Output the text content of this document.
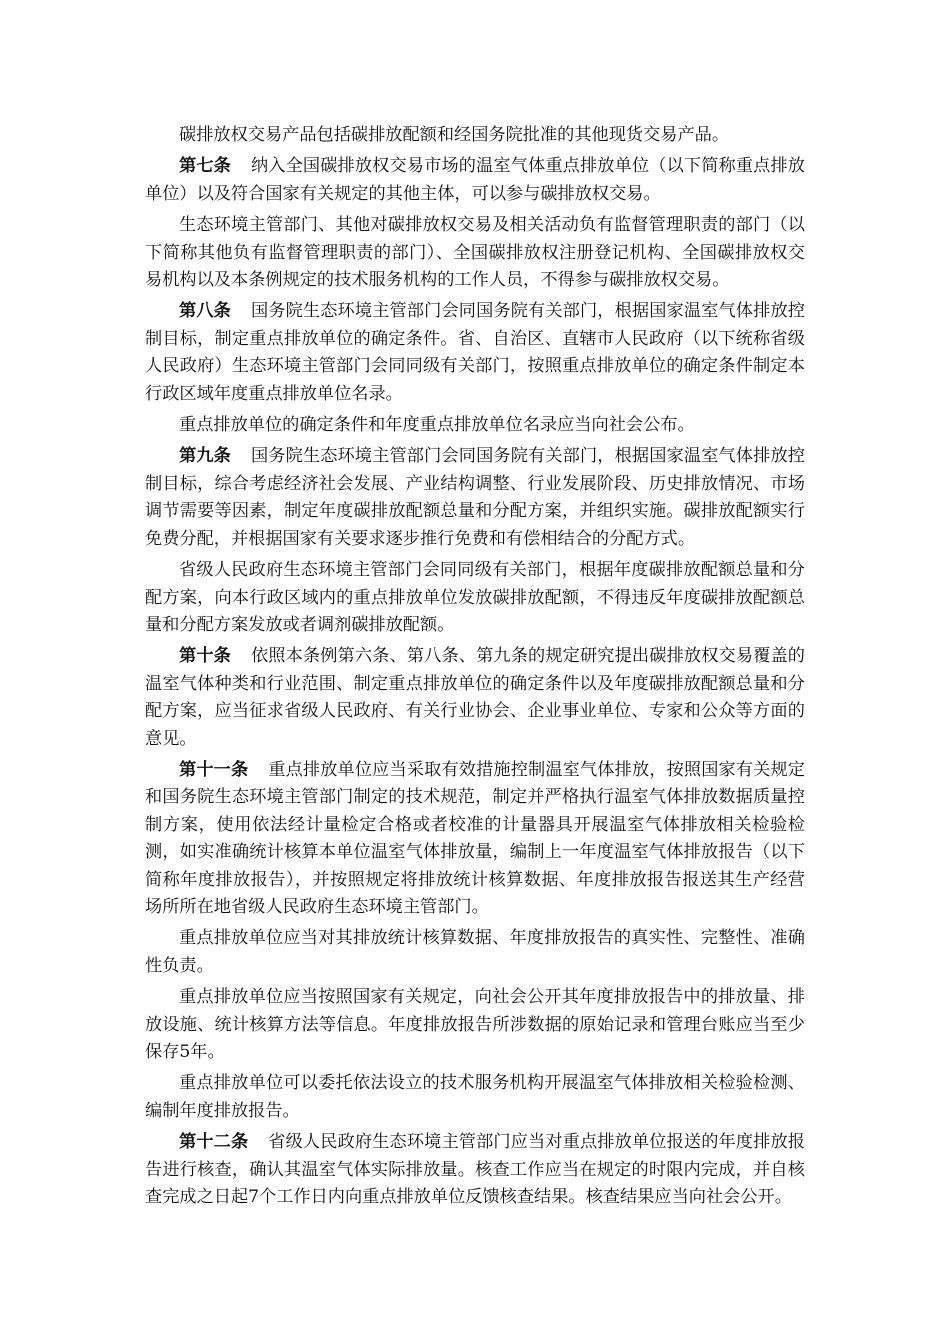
碳排放权交易产品包括碳排放配额和经国务院批准的其他现货交易产品。

第七条 纳入全国碳排放权交易市场的温室气体重点排放单位（以下简称重点排放单位）以及符合国家有关规定的其他主体，可以参与碳排放权交易。

生态环境主管部门、其他对碳排放权交易及相关活动负有监督管理职责的部门（以下简称其他负有监督管理职责的部门）、全国碳排放权注册登记机构、全国碳排放权交易机构以及本条例规定的技术服务机构的工作人员，不得参与碳排放权交易。

第八条 国务院生态环境主管部门会同国务院有关部门，根据国家温室气体排放控制目标，制定重点排放单位的确定条件。省、自治区、直辖市人民政府（以下统称省级人民政府）生态环境主管部门会同同级有关部门，按照重点排放单位的确定条件制定本行政区域年度重点排放单位名录。

重点排放单位的确定条件和年度重点排放单位名录应当向社会公布。

第九条 国务院生态环境主管部门会同国务院有关部门，根据国家温室气体排放控制目标，综合考虑经济社会发展、产业结构调整、行业发展阶段、历史排放情况、市场调节需要等因素，制定年度碳排放配额总量和分配方案，并组织实施。碳排放配额实行免费分配，并根据国家有关要求逐步推行免费和有偿相结合的分配方式。

省级人民政府生态环境主管部门会同同级有关部门，根据年度碳排放配额总量和分配方案，向本行政区域内的重点排放单位发放碳排放配额，不得违反年度碳排放配额总量和分配方案发放或者调剂碳排放配额。

第十条 依照本条例第六条、第八条、第九条的规定研究提出碳排放权交易覆盖的温室气体种类和行业范围、制定重点排放单位的确定条件以及年度碳排放配额总量和分配方案，应当征求省级人民政府、有关行业协会、企业事业单位、专家和公众等方面的意见。

第十一条 重点排放单位应当采取有效措施控制温室气体排放，按照国家有关规定和国务院生态环境主管部门制定的技术规范，制定并严格执行温室气体排放数据质量控制方案，使用依法经计量检定合格或者校准的计量器具开展温室气体排放相关检验检测，如实准确统计核算本单位温室气体排放量，编制上一年度温室气体排放报告（以下简称年度排放报告），并按照规定将排放统计核算数据、年度排放报告报送其生产经营场所所在地省级人民政府生态环境主管部门。

重点排放单位应当对其排放统计核算数据、年度排放报告的真实性、完整性、准确性负责。

重点排放单位应当按照国家有关规定，向社会公开其年度排放报告中的排放量、排放设施、统计核算方法等信息。年度排放报告所涉数据的原始记录和管理台账应当至少保存5年。

重点排放单位可以委托依法设立的技术服务机构开展温室气体排放相关检验检测、编制年度排放报告。

第十二条 省级人民政府生态环境主管部门应当对重点排放单位报送的年度排放报告进行核查，确认其温室气体实际排放量。核查工作应当在规定的时限内完成，并自核查完成之日起7个工作日内向重点排放单位反馈核查结果。核查结果应当向社会公开。
